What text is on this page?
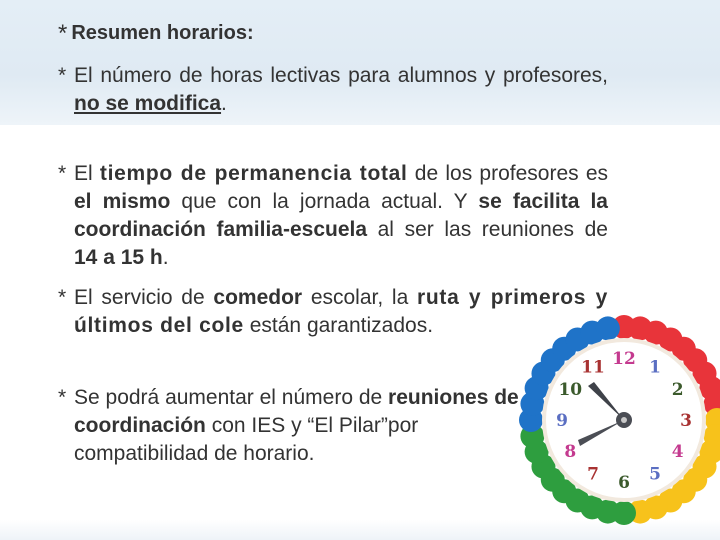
* Resumen horarios:

* El número de horas lectivas para alumnos y profesores, no se modifica.

* El tiempo de permanencia total de los profesores es el mismo que con la jornada actual. Y se facilita la coordinación familia-escuela al ser las reuniones de 14 a 15 h.

* El servicio de comedor escolar, la ruta y primeros y últimos del cole están garantizados.

* Se podrá aumentar el número de reuniones de coordinación con IES y “El Pilar”por compatibilidad de horario.

12 1
2
3
4
5
6
7
8
9
10
11
